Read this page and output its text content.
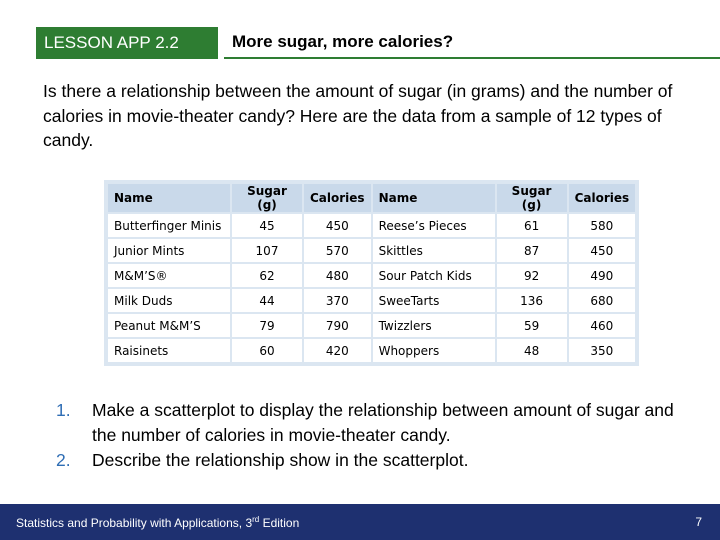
LESSON APP 2.2	More sugar, more calories?
Is there a relationship between the amount of sugar (in grams) and the number of calories in movie-theater candy? Here are the data from a sample of 12 types of candy.
Name	Sugar (g)	Calories	Name	Sugar (g)	Calories
Butterfinger Minis	45	450	Reese’s Pieces	61	580
Junior Mints	107	570	Skittles	87	450
M&M’S®	62	480	Sour Patch Kids	92	490
Milk Duds	44	370	SweeTarts	136	680
Peanut M&M’S	79	790	Twizzlers	59	460
Raisinets	60	420	Whoppers	48	350
1.	Make a scatterplot to display the relationship between amount of sugar and the number of calories in movie-theater candy.
2.	Describe the relationship show in the scatterplot.
Statistics and Probability with Applications, 3rd Edition	7
